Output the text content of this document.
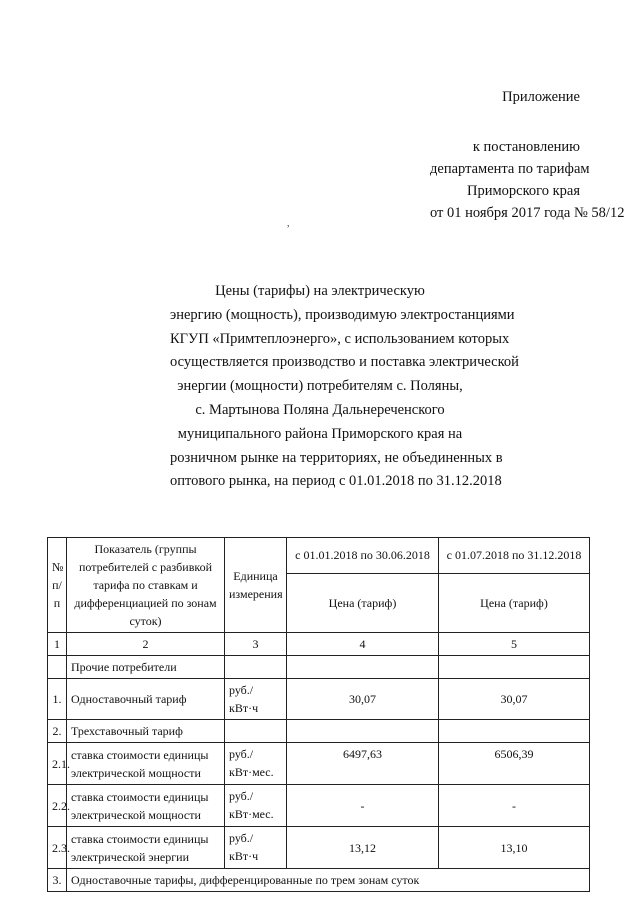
Приложение
к постановлению
департамента по тарифам
Приморского края
от 01 ноября 2017 года № 58/12
,
Цены (тарифы) на электрическую
энергию (мощность), производимую электростанциями
КГУП «Примтеплоэнерго», с использованием которых
осуществляется производство и поставка электрической
энергии (мощности) потребителям с. Поляны,
с. Мартынова Поляна Дальнереченского
муниципального района Приморского края на
розничном рынке на территориях, не объединенных в
оптового рынка, на период с 01.01.2018 по 31.12.2018
№ п/п	Показатель (группы потребителей с разбивкой тарифа по ставкам и дифференциацией по зонам суток)	Единица измерения	с 01.01.2018 по 30.06.2018	с 01.07.2018 по 31.12.2018
			Цена (тариф)	Цена (тариф)
1	2	3	4	5
	Прочие потребители			
1.	Одноставочный тариф	руб./кВт·ч	30,07	30,07
2.	Трехставочный тариф			
2.1.	ставка стоимости единицы электрической мощности	руб./кВт·мес.	6497,63	6506,39
2.2.	ставка стоимости единицы электрической мощности	руб./кВт·мес.	-	-
2.3.	ставка стоимости единицы электрической энергии	руб./кВт·ч	13,12	13,10
3.	Одноставочные тарифы, дифференцированные по трем зонам суток			
